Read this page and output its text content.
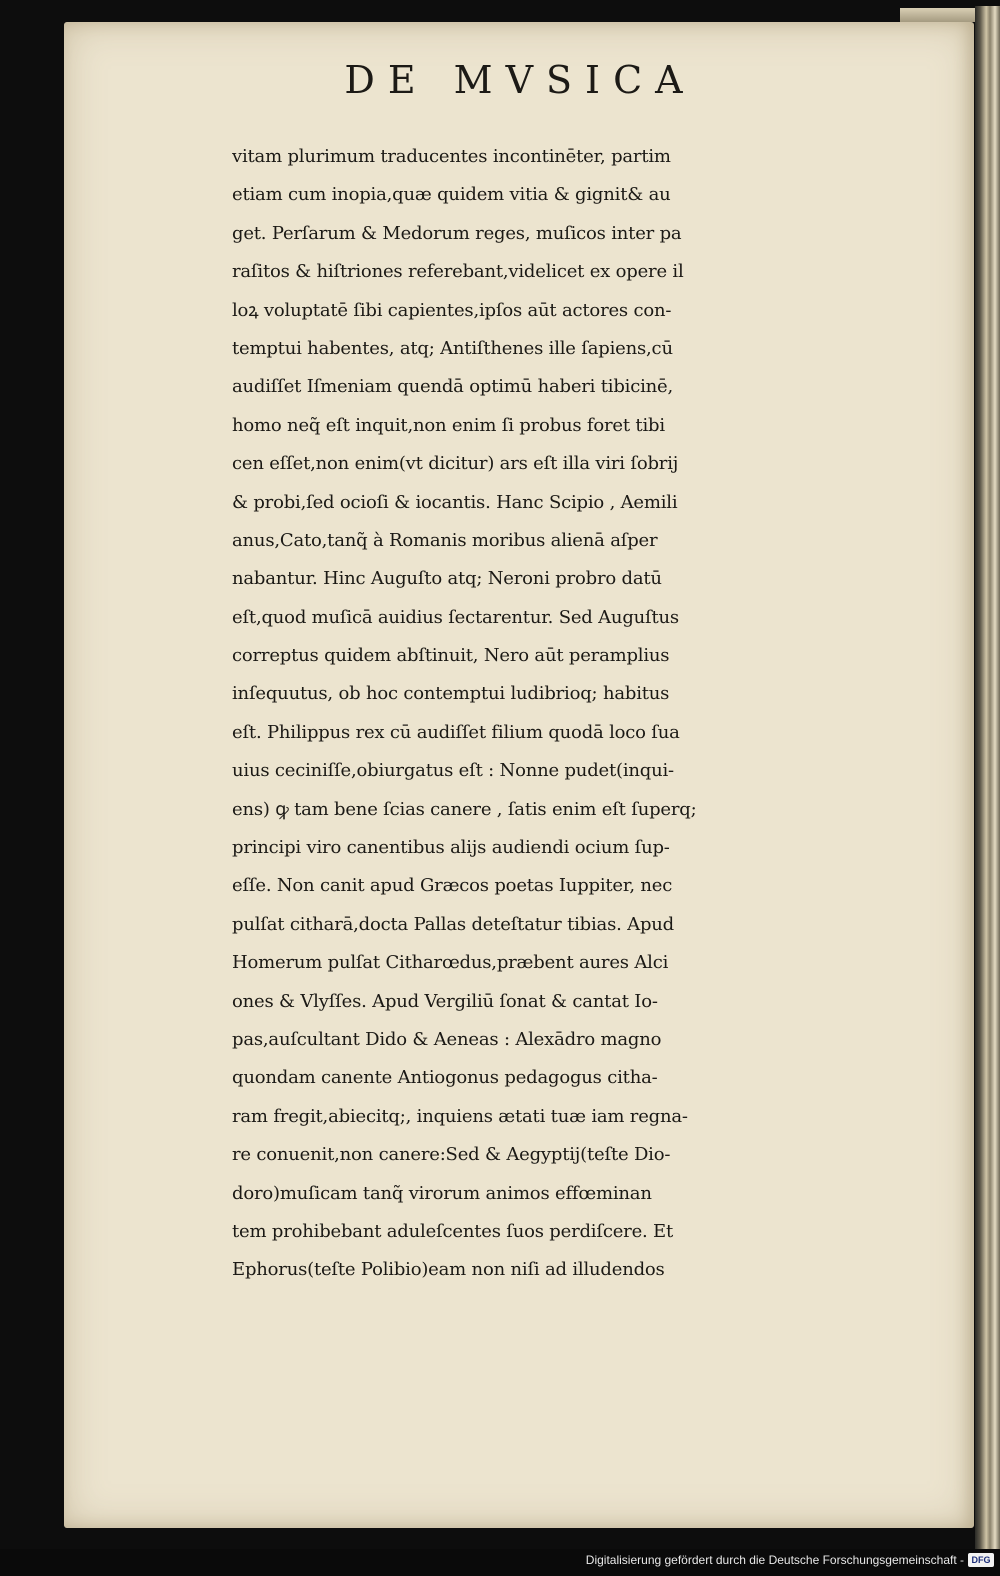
DE MVSICA
vitam plurimum traducentes incontinēter, partim
etiam cum inopia,quæ quidem vitia & gignit& au
get. Perſarum & Medorum reges, muſicos inter pa
raſitos & hiſtriones referebant,videlicet ex opere il
loꝝ voluptatē ſibi capientes,ipſos aūt actores con-
temptui habentes, atq; Antiſthenes ille ſapiens,cū
audiſſet Iſmeniam quendā optimū haberi tibicinē,
homo neq̃ eſt inquit,non enim ſi probus foret tibi
cen eſſet,non enim(vt dicitur) ars eſt illa viri ſobrij
& probi,ſed ocioſi & iocantis. Hanc Scipio , Aemili
anus,Cato,tanq̃ à Romanis moribus alienā aſper
nabantur. Hinc Auguſto atq; Neroni probro datū
eſt,quod muſicā auidius ſectarentur. Sed Auguſtus
correptus quidem abſtinuit, Nero aūt peramplius
inſequutus, ob hoc contemptui ludibrioq; habitus
eſt. Philippus rex cū audiſſet filium quodā loco ſua
uius ceciniſſe,obiurgatus eſt : Nonne pudet(inqui-
ens) ꝙ tam bene ſcias canere , ſatis enim eſt ſuperq;
principi viro canentibus alijs audiendi ocium ſup-
eſſe. Non canit apud Græcos poetas Iuppiter, nec
pulſat citharā,docta Pallas deteſtatur tibias. Apud
Homerum pulſat Citharœdus,præbent aures Alci
ones & Vlyſſes. Apud Vergiliū ſonat & cantat Io-
pas,auſcultant Dido & Aeneas : Alexādro magno
quondam canente Antiogonus pedagogus citha-
ram fregit,abiecitq;, inquiens ætati tuæ iam regna-
re conuenit,non canere:Sed & Aegyptij(teſte Dio-
doro)muſicam tanq̃ virorum animos effœminan
tem prohibebant aduleſcentes ſuos perdiſcere. Et
Ephorus(teſte Polibio)eam non niſi ad illudendos
Digitalisierung gefördert durch die Deutsche Forschungsgemeinschaft - DFG
